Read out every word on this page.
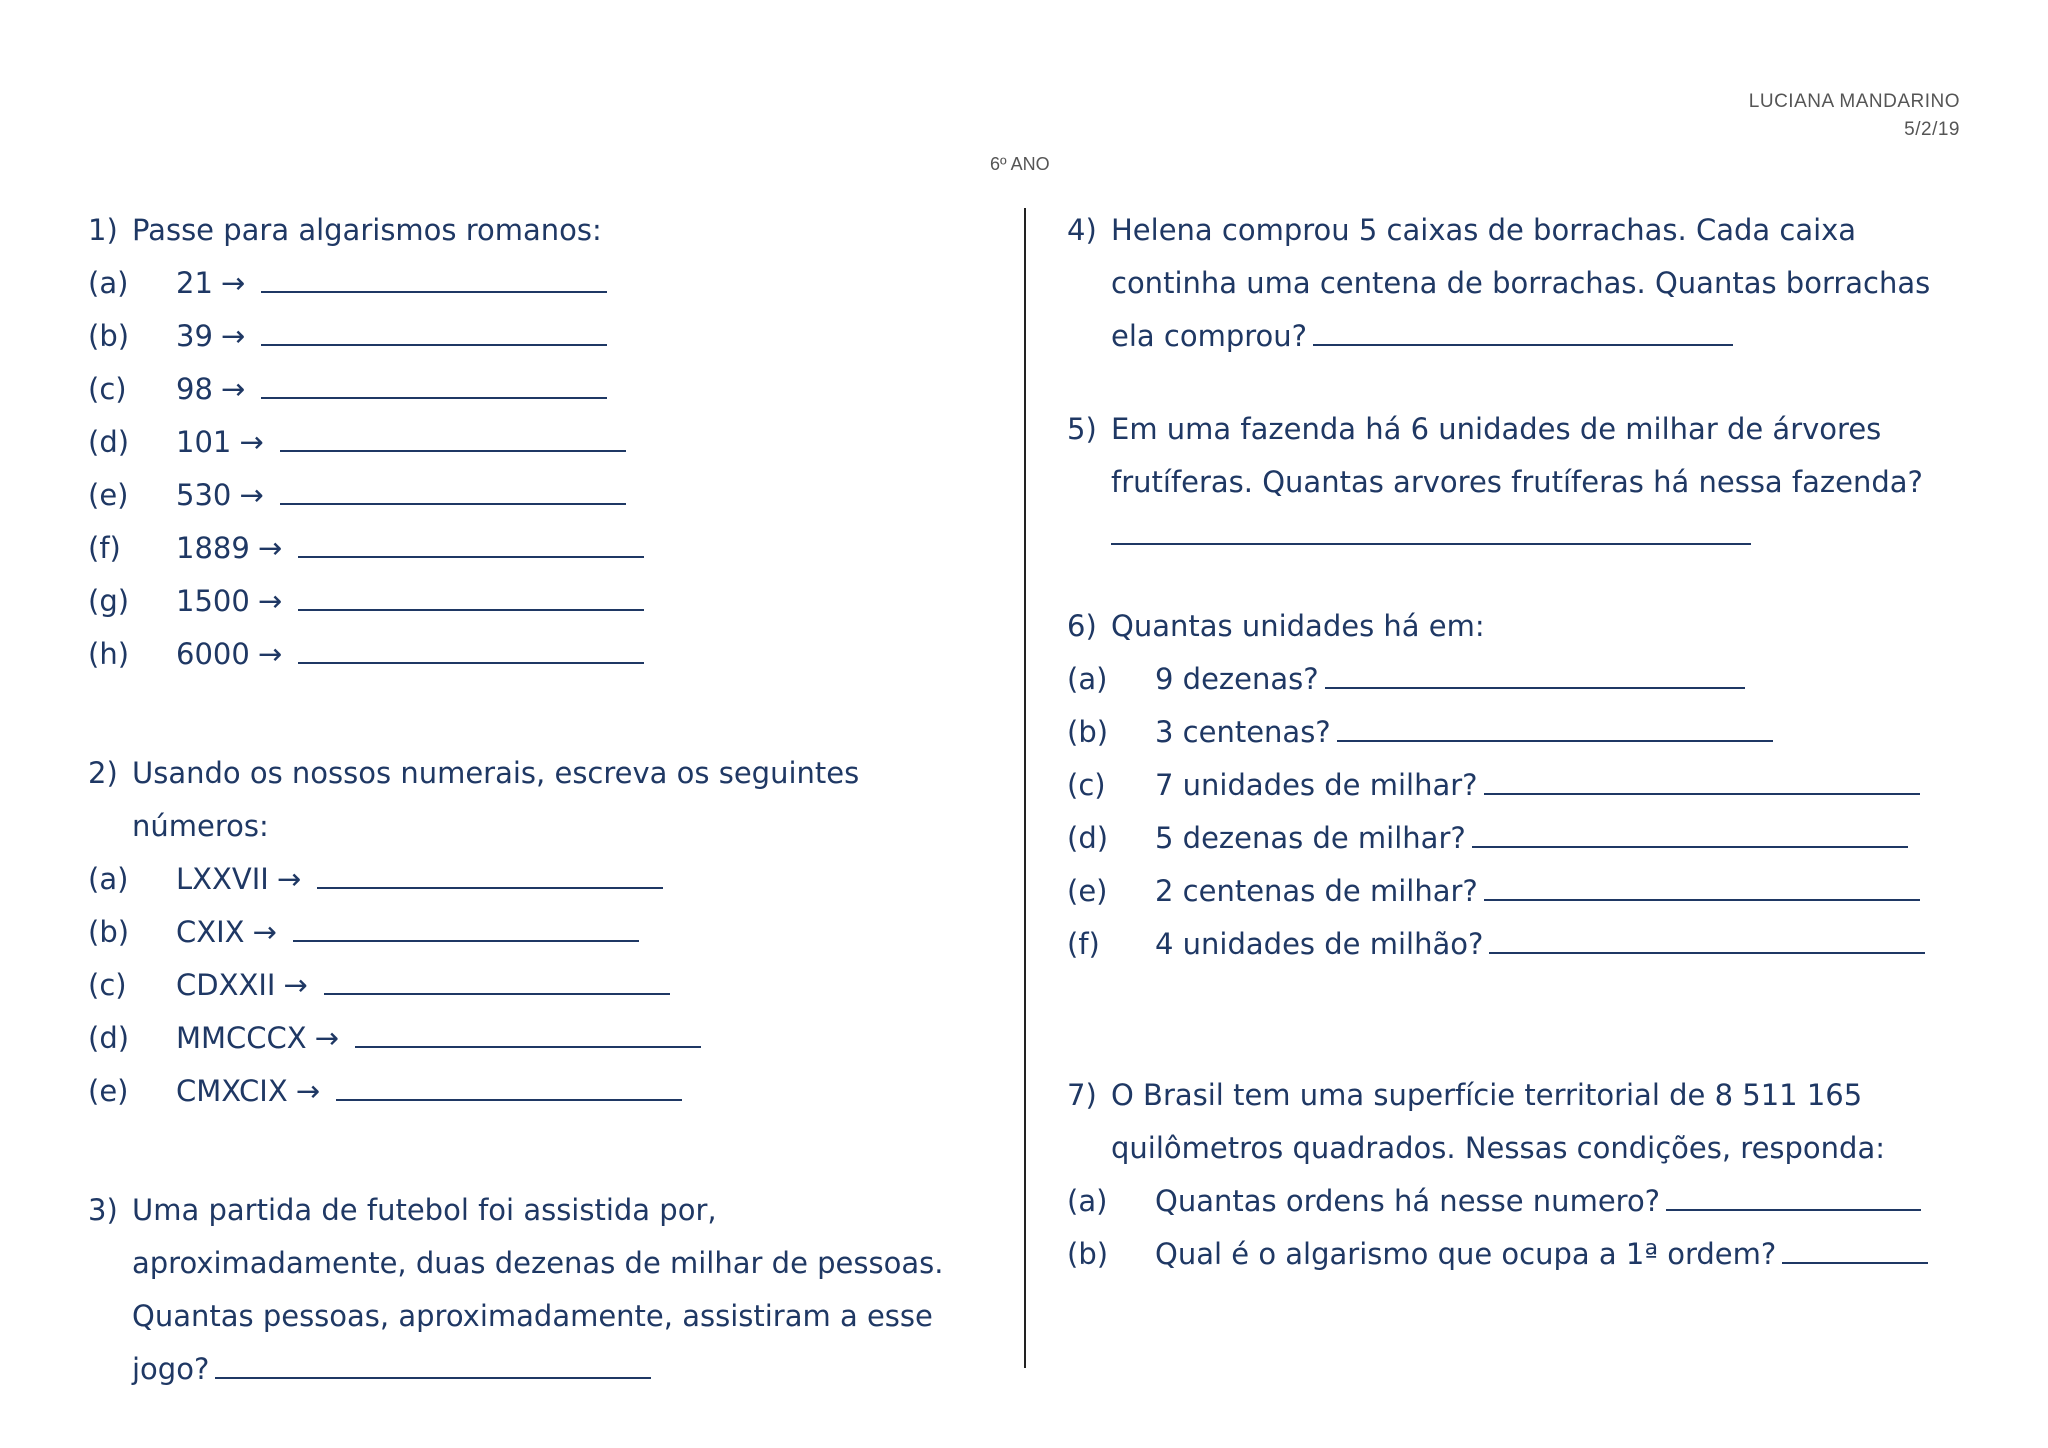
LUCIANA MANDARINO
5/2/19
6º ANO
1) Passe para algarismos romanos:
(a)	21 →
(b)	39 →
(c)	98 →
(d)	101 →
(e)	530 →
(f)	1889 →
(g)	1500 →
(h)	6000 →
2) Usando os nossos numerais, escreva os seguintes
números:
(a)	LXXVII →
(b)	CXIX →
(c)	CDXXII →
(d)	MMCCCX →
(e)	CMXCIX →
3) Uma partida de futebol foi assistida por,
aproximadamente, duas dezenas de milhar de pessoas.
Quantas pessoas, aproximadamente, assistiram a esse
jogo?
4) Helena comprou 5 caixas de borrachas. Cada caixa
continha uma centena de borrachas. Quantas borrachas
ela comprou?
5) Em uma fazenda há 6 unidades de milhar de árvores
frutíferas. Quantas arvores frutíferas há nessa fazenda?
6) Quantas unidades há em:
(a)	9 dezenas?
(b)	3 centenas?
(c)	7 unidades de milhar?
(d)	5 dezenas de milhar?
(e)	2 centenas de milhar?
(f)	4 unidades de milhão?
7) O Brasil tem uma superfície territorial de 8 511 165
quilômetros quadrados. Nessas condições, responda:
(a)	Quantas ordens há nesse numero?
(b)	Qual é o algarismo que ocupa a 1ª ordem?
